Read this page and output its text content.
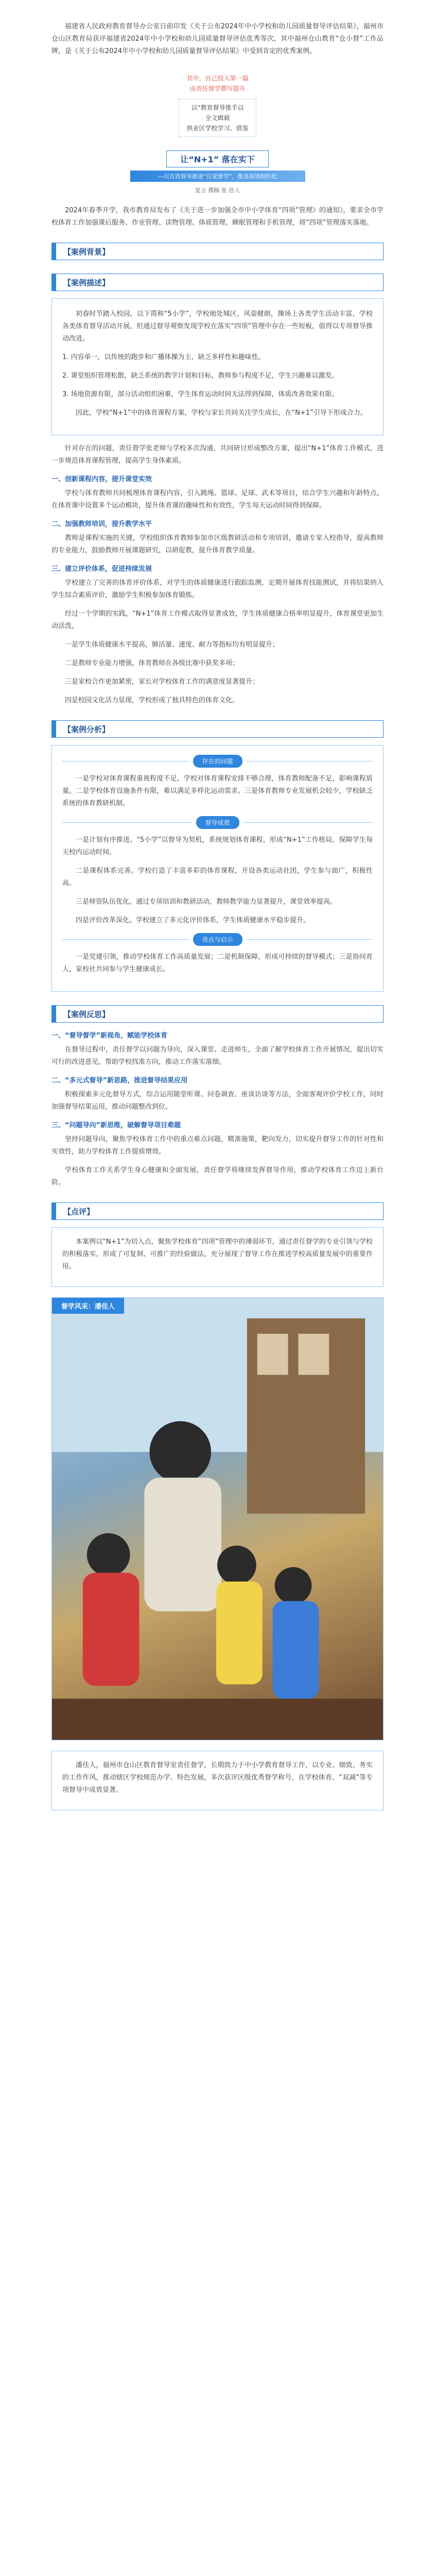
福建省人民政府教育督导办公室日前印发《关于公布2024年中小学校和幼儿园质量督导评估结果》，福州市仓山区教育局获评福建省2024年中小学校和幼儿园质量督导评估优秀等次，其中福州仓山教育“仓小督”工作品牌，是《关于公布2024年中小学校和幼儿园质量督导评估结果》中受到肯定的优秀案例。

其中，自己投入第一篇
由责任督学撰写提升
以“教育督导推手以
全文辑载
供业区学校学习、借鉴
让“N+1” 落在实下
—以有效督导推进“自觉督学”，推进高效组织化
复言 撰稿 张 佳人

2024年春季开学，我市教育局发布了《关于进一步加强全市中小学体育“四项”管理》的通知》，要求全市学校体育工作加强课后服务、作业管理、读物管理、体质管理、睡眠管理和手机管理，将“四项”管理落实落地。

【案例背景】
【案例描述】

初春时节踏入校园，以下简称“5小学”，学校地处城区，风姿健朗，操场上各类学生活动丰富，学校各类体育督导活动开展，但通过督导观察发现学校在落实“四项”管理中存在一些短板，值得以专项督导推动改进。

1. 内容单一，以传统的跑步和广播体操为主，缺乏多样性和趣味性。

2. 课堂组织管理松散，缺乏系统的教学计划和目标，教师参与程度不足，学生兴趣难以激发。

3. 场地资源有限，部分活动组织困难，学生体育运动时间无法得到保障，体质改善效果有限。

因此，学校“N+1”中的体育课程方案，学校与家长共同关注学生成长，在“N+1”引导下形成合力。

针对存在的问题，责任督学张老师与学校多次沟通，共同研讨形成整改方案，提出“N+1”体育工作模式，进一步规范体育课程管理，提高学生身体素质。

一、创新课程内容，提升课堂实效

学校与体育教师共同梳理体育课程内容，引入跳绳、篮球、足球、武术等项目，结合学生兴趣和年龄特点，在体育课中设置多个运动模块，提升体育课的趣味性和有效性，学生每天运动时间得到保障。

二、加强教师培训，提升教学水平

教师是课程实施的关键，学校组织体育教师参加市区级教研活动和专项培训，邀请专家入校指导，提高教师的专业能力，鼓励教师开展课题研究，以研促教，提升体育教学质量。

三、建立评价体系，促进持续发展

学校建立了完善的体育评价体系，对学生的体质健康进行跟踪监测，定期开展体育技能测试，并将结果纳入学生综合素质评价，激励学生积极参加体育锻炼。

经过一个学期的实践，“N+1”体育工作模式取得显著成效，学生体质健康合格率明显提升，体育课堂更加生动活泼。

一是学生体质健康水平提高，肺活量、速度、耐力等指标均有明显提升；

二是教师专业能力增强，体育教师在各级比赛中获奖多项；

三是家校合作更加紧密，家长对学校体育工作的满意度显著提升；

四是校园文化活力显现，学校形成了独具特色的体育文化。

【案例分析】
存在的问题

一是学校对体育课程重视程度不足，学校对体育课程安排不够合理，体育教师配备不足，影响课程质量。二是学校体育设施条件有限，难以满足多样化运动需求。三是体育教师专业发展机会较少，学校缺乏系统的体育教研机制。

督导成效

一是计划有序推进。“5小学”以督导为契机，系统规划体育课程，形成“N+1”工作格局，保障学生每天校内运动时间。

二是课程体系完善。学校打造了丰富多彩的体育课程，开设各类运动社团，学生参与面广，积极性高。

三是师资队伍优化。通过专项培训和教研活动，教师教学能力显著提升，课堂效率提高。

四是评价改革深化。学校建立了多元化评价体系，学生体质健康水平稳步提升。

亮点与启示

一是党建引领，推动学校体育工作高质量发展；二是机制保障，形成可持续的督导模式；三是协同育人，家校社共同参与学生健康成长。

【案例反思】
一、“督导督学”新视角，赋能学校体育

在督导过程中，责任督学以问题为导向，深入课堂、走进师生，全面了解学校体育工作开展情况，提出切实可行的改进意见，帮助学校找准方向，推动工作落实落细。

二、“多元式督导”新思路，推进督导结果应用

积极探索多元化督导方式，综合运用随堂听课、问卷调查、座谈访谈等方法，全面客观评价学校工作，同时加强督导结果运用，推动问题整改到位。

三、“问题导向”新思维，破解督导项目难题

坚持问题导向，聚焦学校体育工作中的重点难点问题，精准施策，靶向发力，切实提升督导工作的针对性和实效性，助力学校体育工作提质增效。

学校体育工作关系学生身心健康和全面发展，责任督学将继续发挥督导作用，推动学校体育工作迈上新台阶。

【点评】

本案例以“N+1”为切入点，聚焦学校体育“四项”管理中的薄弱环节，通过责任督学的专业引领与学校的积极落实，形成了可复制、可推广的经验做法，充分展现了督导工作在推进学校高质量发展中的重要作用。

督学风采：潘佳人

潘佳人，福州市仓山区教育督导室责任督学，长期致力于中小学教育督导工作，以专业、细致、务实的工作作风，推动辖区学校规范办学、特色发展，多次获评区级优秀督学称号，在学校体育、“双减”等专项督导中成效显著。
